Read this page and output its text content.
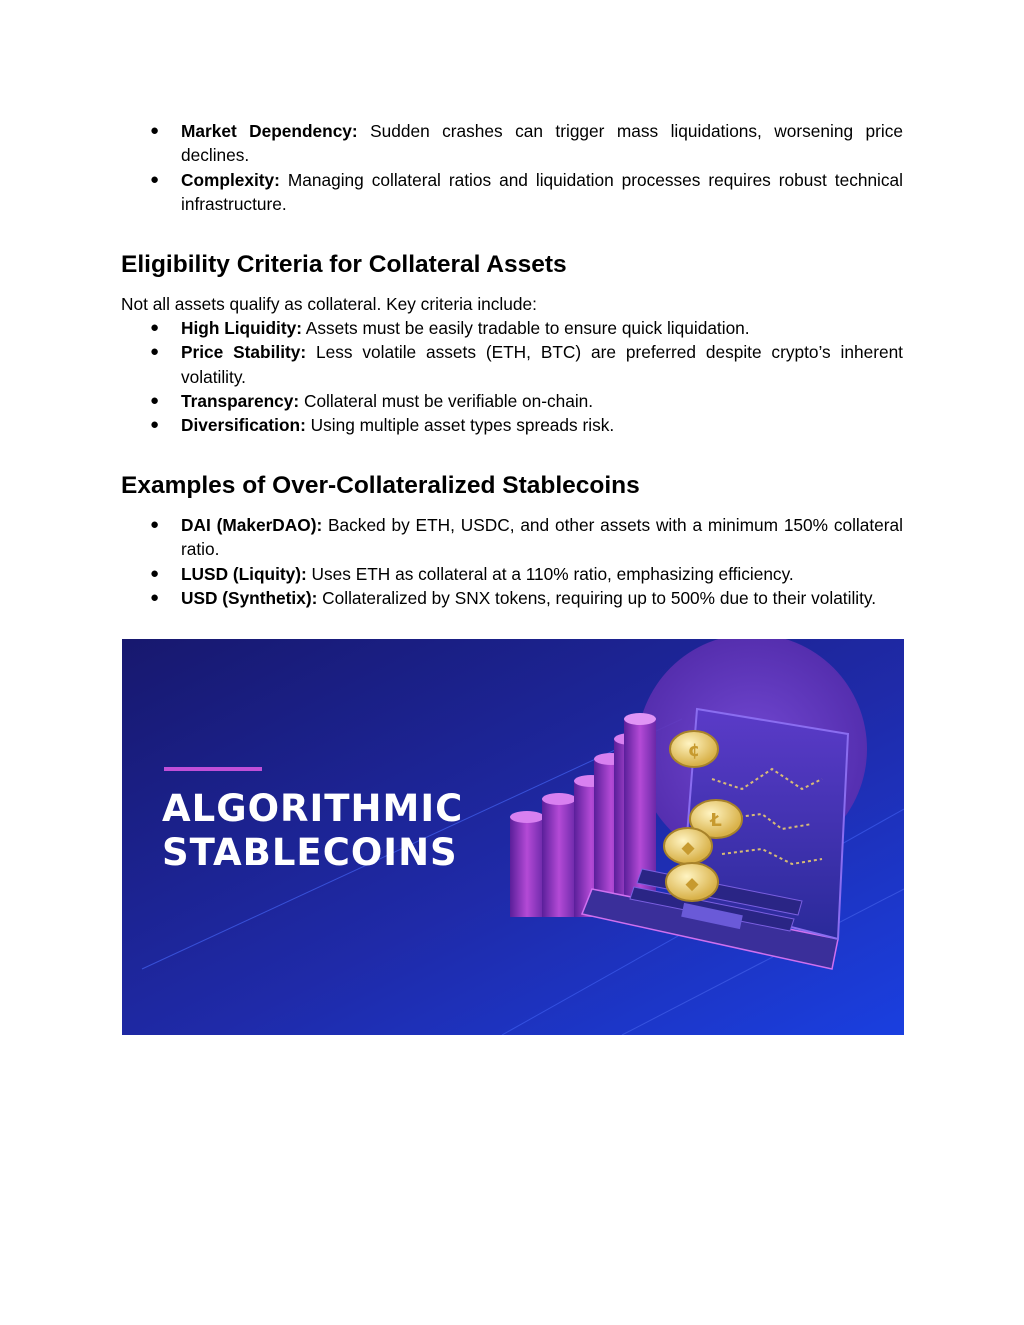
● Market Dependency: Sudden crashes can trigger mass liquidations, worsening price declines.
● Complexity: Managing collateral ratios and liquidation processes requires robust technical infrastructure.
Eligibility Criteria for Collateral Assets

Not all assets qualify as collateral. Key criteria include:

● High Liquidity: Assets must be easily tradable to ensure quick liquidation.
● Price Stability: Less volatile assets (ETH, BTC) are preferred despite crypto’s inherent volatility.
● Transparency: Collateral must be verifiable on-chain.
● Diversification: Using multiple asset types spreads risk.
Examples of Over-Collateralized Stablecoins
● DAI (MakerDAO): Backed by ETH, USDC, and other assets with a minimum 150% collateral ratio.
● LUSD (Liquity): Uses ETH as collateral at a 110% ratio, emphasizing efficiency.
● USD (Synthetix): Collateralized by SNX tokens, requiring up to 500% due to their volatility.
¢
Ł
◆
◆
ALGORITHMIC
STABLECOINS
